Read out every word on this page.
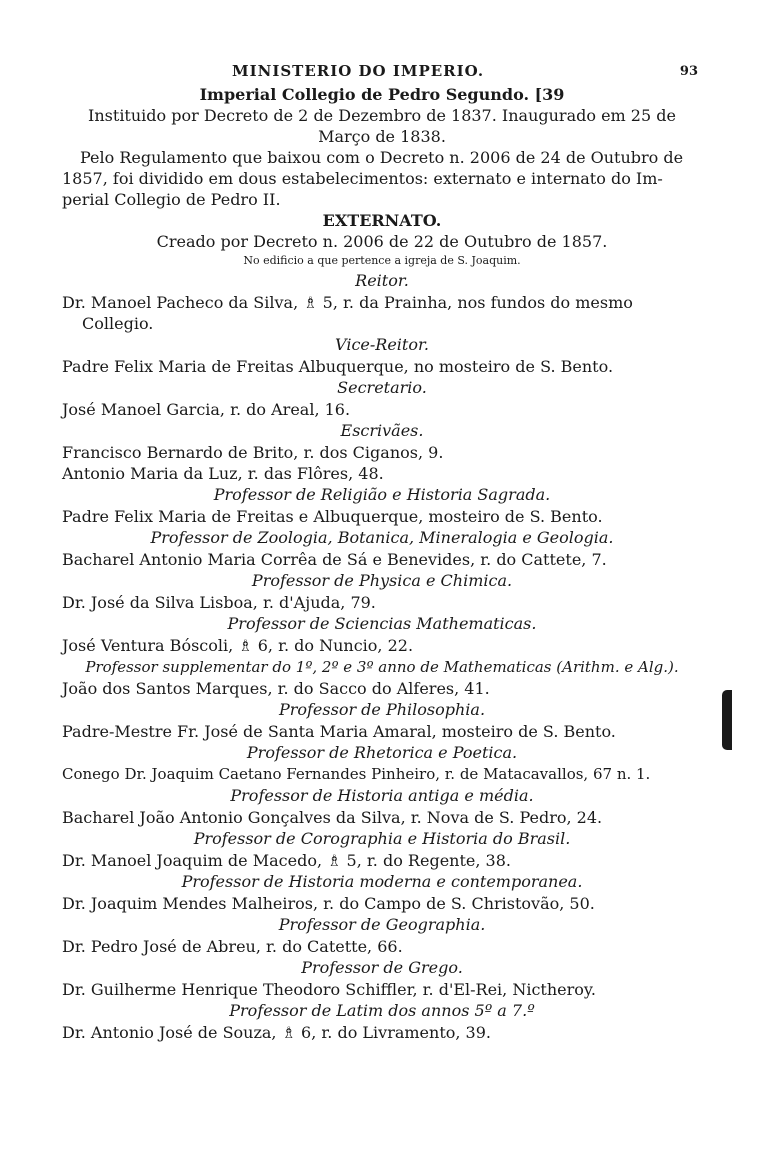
MINISTERIO DO IMPERIO.	93
Imperial Collegio de Pedro Segundo. [39
Instituido por Decreto de 2 de Dezembro de 1837. Inaugurado em 25 de
Março de 1838.
Pelo Regulamento que baixou com o Decreto n. 2006 de 24 de Outubro de
1857, foi dividido em dous estabelecimentos: externato e internato do Im-
perial Collegio de Pedro II.
EXTERNATO.
Creado por Decreto n. 2006 de 22 de Outubro de 1857.
No edificio a que pertence a igreja de S. Joaquim.
Reitor.
Dr. Manoel Pacheco da Silva, ♗ 5, r. da Prainha, nos fundos do mesmo Collegio.
Vice-Reitor.
Padre Felix Maria de Freitas Albuquerque, no mosteiro de S. Bento.
Secretario.
José Manoel Garcia, r. do Areal, 16.
Escrivães.
Francisco Bernardo de Brito, r. dos Ciganos, 9.
Antonio Maria da Luz, r. das Flôres, 48.
Professor de Religião e Historia Sagrada.
Padre Felix Maria de Freitas e Albuquerque, mosteiro de S. Bento.
Professor de Zoologia, Botanica, Mineralogia e Geologia.
Bacharel Antonio Maria Corrêa de Sá e Benevides, r. do Cattete, 7.
Professor de Physica e Chimica.
Dr. José da Silva Lisboa, r. d'Ajuda, 79.
Professor de Sciencias Mathematicas.
José Ventura Bóscoli, ♗ 6, r. do Nuncio, 22.
Professor supplementar do 1º, 2º e 3º anno de Mathematicas (Arithm. e Alg.).
João dos Santos Marques, r. do Sacco do Alferes, 41.
Professor de Philosophia.
Padre-Mestre Fr. José de Santa Maria Amaral, mosteiro de S. Bento.
Professor de Rhetorica e Poetica.
Conego Dr. Joaquim Caetano Fernandes Pinheiro, r. de Matacavallos, 67 n. 1.
Professor de Historia antiga e média.
Bacharel João Antonio Gonçalves da Silva, r. Nova de S. Pedro, 24.
Professor de Corographia e Historia do Brasil.
Dr. Manoel Joaquim de Macedo, ♗ 5, r. do Regente, 38.
Professor de Historia moderna e contemporanea.
Dr. Joaquim Mendes Malheiros, r. do Campo de S. Christovão, 50.
Professor de Geographia.
Dr. Pedro José de Abreu, r. do Catette, 66.
Professor de Grego.
Dr. Guilherme Henrique Theodoro Schiffler, r. d'El-Rei, Nictheroy.
Professor de Latim dos annos 5º a 7.º
Dr. Antonio José de Souza, ♗ 6, r. do Livramento, 39.
